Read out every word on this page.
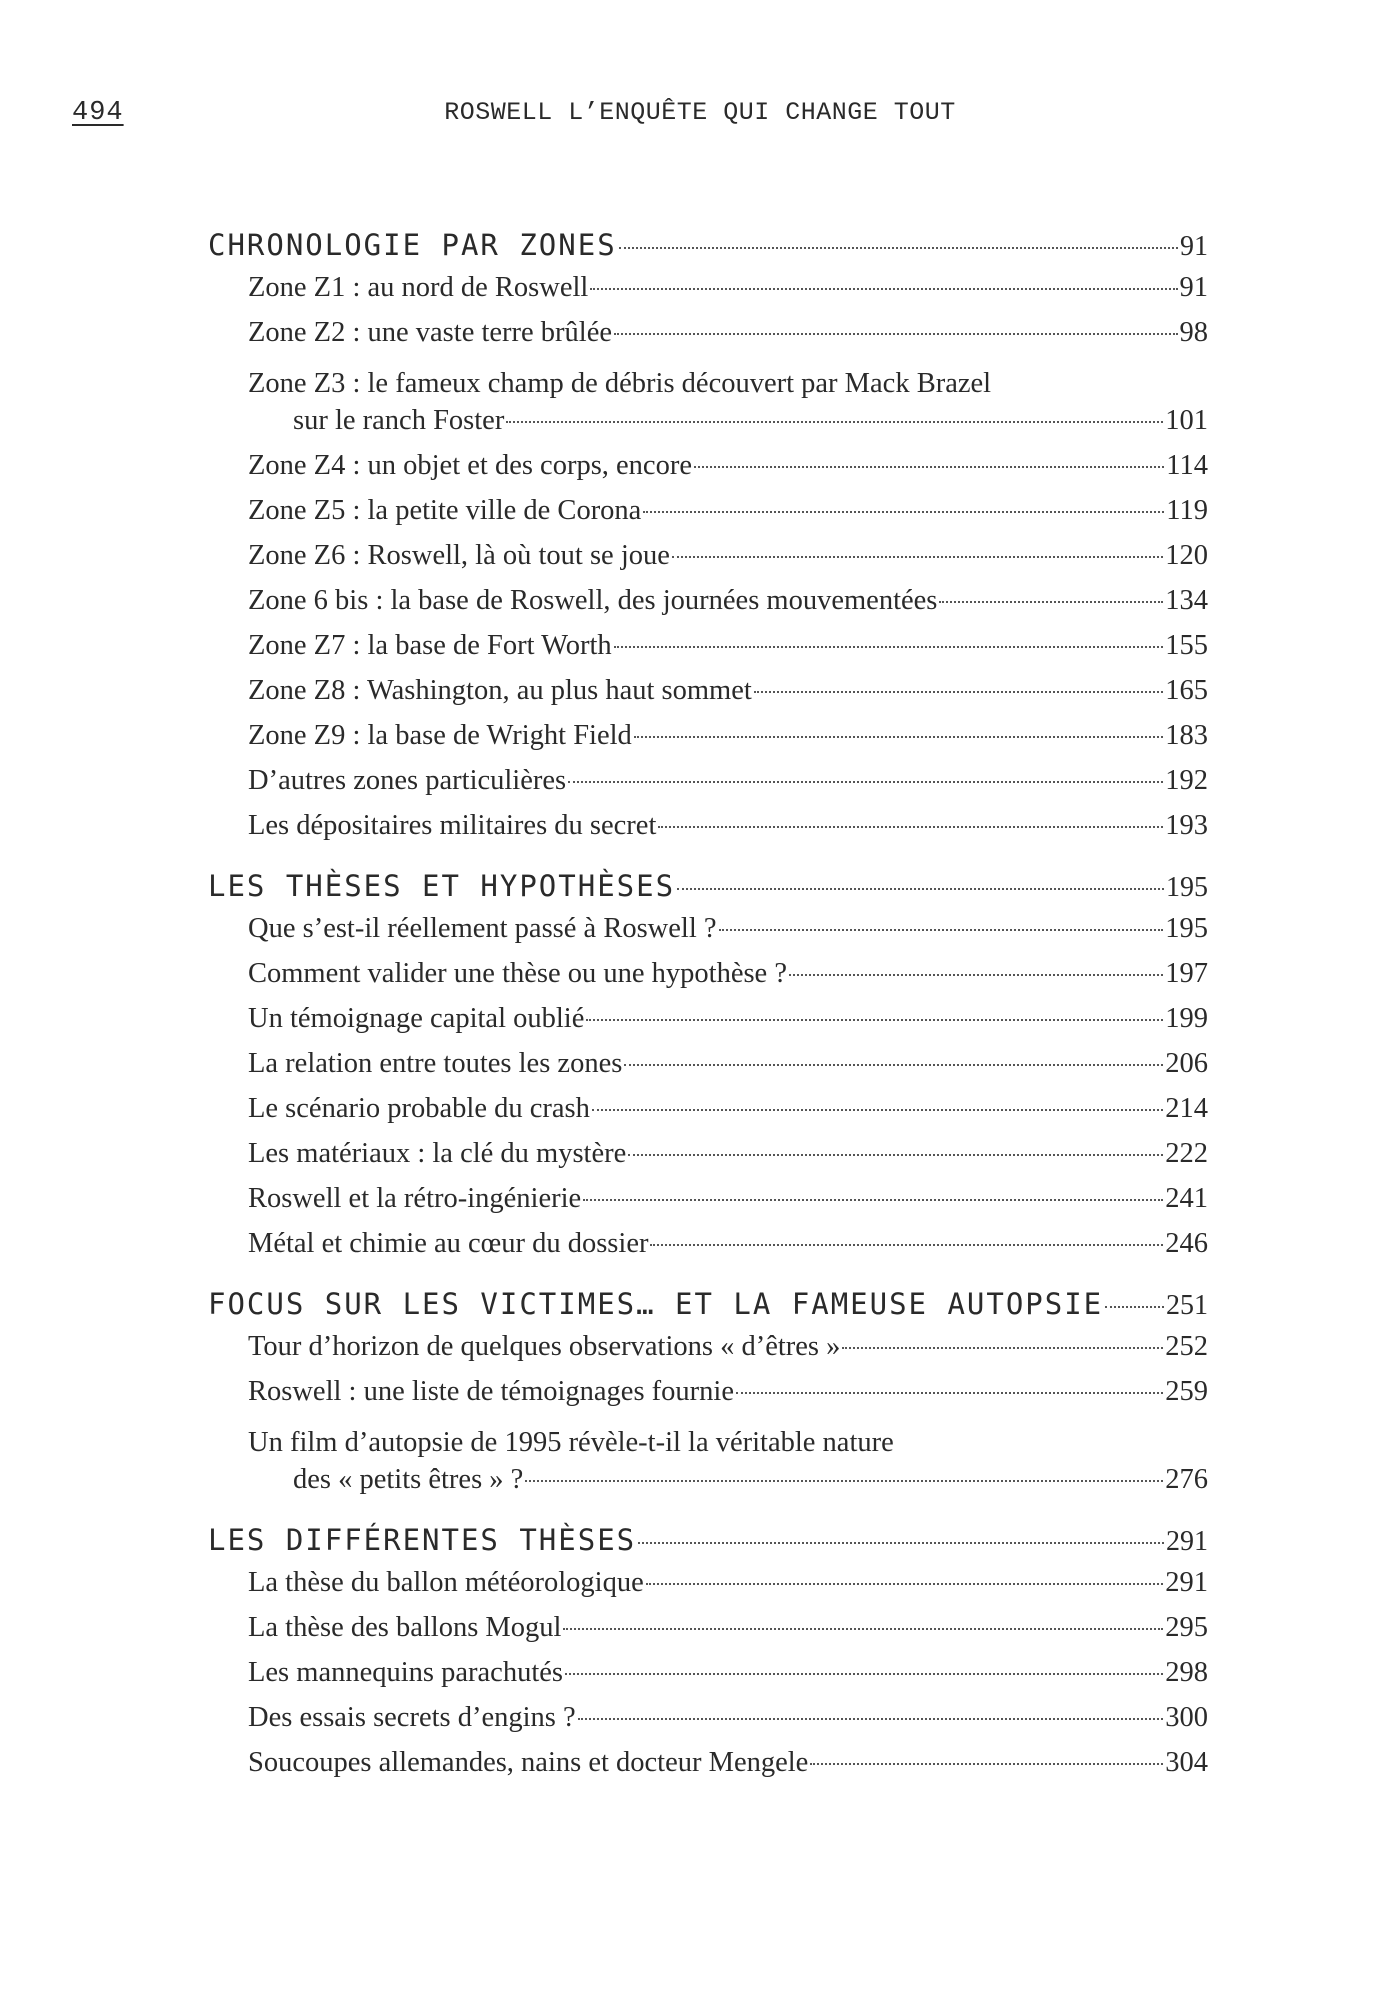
494	ROSWELL L’ENQUÊTE QUI CHANGE TOUT
CHRONOLOGIE PAR ZONES	91
Zone Z1 : au nord de Roswell	91
Zone Z2 : une vaste terre brûlée	98
Zone Z3 : le fameux champ de débris découvert par Mack Brazel
sur le ranch Foster	101
Zone Z4 : un objet et des corps, encore	114
Zone Z5 : la petite ville de Corona	119
Zone Z6 : Roswell, là où tout se joue	120
Zone 6 bis : la base de Roswell, des journées mouvementées	134
Zone Z7 : la base de Fort Worth	155
Zone Z8 : Washington, au plus haut sommet	165
Zone Z9 : la base de Wright Field	183
D’autres zones particulières	192
Les dépositaires militaires du secret	193
LES THÈSES ET HYPOTHÈSES	195
Que s’est-il réellement passé à Roswell ?	195
Comment valider une thèse ou une hypothèse ?	197
Un témoignage capital oublié	199
La relation entre toutes les zones	206
Le scénario probable du crash	214
Les matériaux : la clé du mystère	222
Roswell et la rétro-ingénierie	241
Métal et chimie au cœur du dossier	246
FOCUS SUR LES VICTIMES… ET LA FAMEUSE AUTOPSIE 251
Tour d’horizon de quelques observations « d’êtres »	252
Roswell : une liste de témoignages fournie	259
Un film d’autopsie de 1995 révèle-t-il la véritable nature
des « petits êtres » ?	276
LES DIFFÉRENTES THÈSES	291
La thèse du ballon météorologique	291
La thèse des ballons Mogul	295
Les mannequins parachutés	298
Des essais secrets d’engins ?	300
Soucoupes allemandes, nains et docteur Mengele	304
